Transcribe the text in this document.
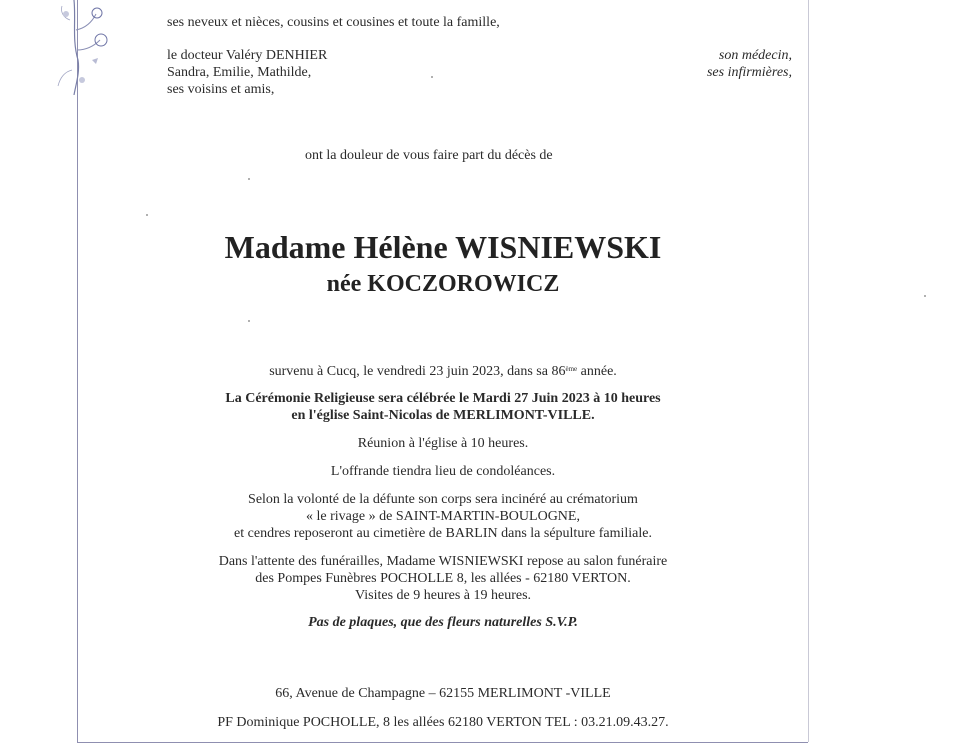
ses neveux et nièces, cousins et cousines et toute la famille,
le docteur Valéry DENHIER
Sandra, Emilie, Mathilde,
ses voisins et amis,
son médecin,
ses infirmières,
ont la douleur de vous faire part du décès de
Madame Hélène WISNIEWSKI
née KOCZOROWICZ
survenu à Cucq, le vendredi 23 juin 2023, dans sa 86ème année.
La Cérémonie Religieuse sera célébrée le Mardi 27 Juin 2023 à 10 heures
en l'église Saint-Nicolas de MERLIMONT-VILLE.
Réunion à l'église à 10 heures.
L'offrande tiendra lieu de condoléances.
Selon la volonté de la défunte son corps sera incinéré au crématorium
« le rivage » de SAINT-MARTIN-BOULOGNE,
et cendres reposeront au cimetière de BARLIN dans la sépulture familiale.
Dans l'attente des funérailles, Madame WISNIEWSKI repose au salon funéraire
des Pompes Funèbres POCHOLLE 8, les allées - 62180 VERTON.
Visites de 9 heures à 19 heures.
Pas de plaques, que des fleurs naturelles S.V.P.
66, Avenue de Champagne – 62155 MERLIMONT -VILLE
PF Dominique POCHOLLE, 8 les allées 62180 VERTON TEL : 03.21.09.43.27.
